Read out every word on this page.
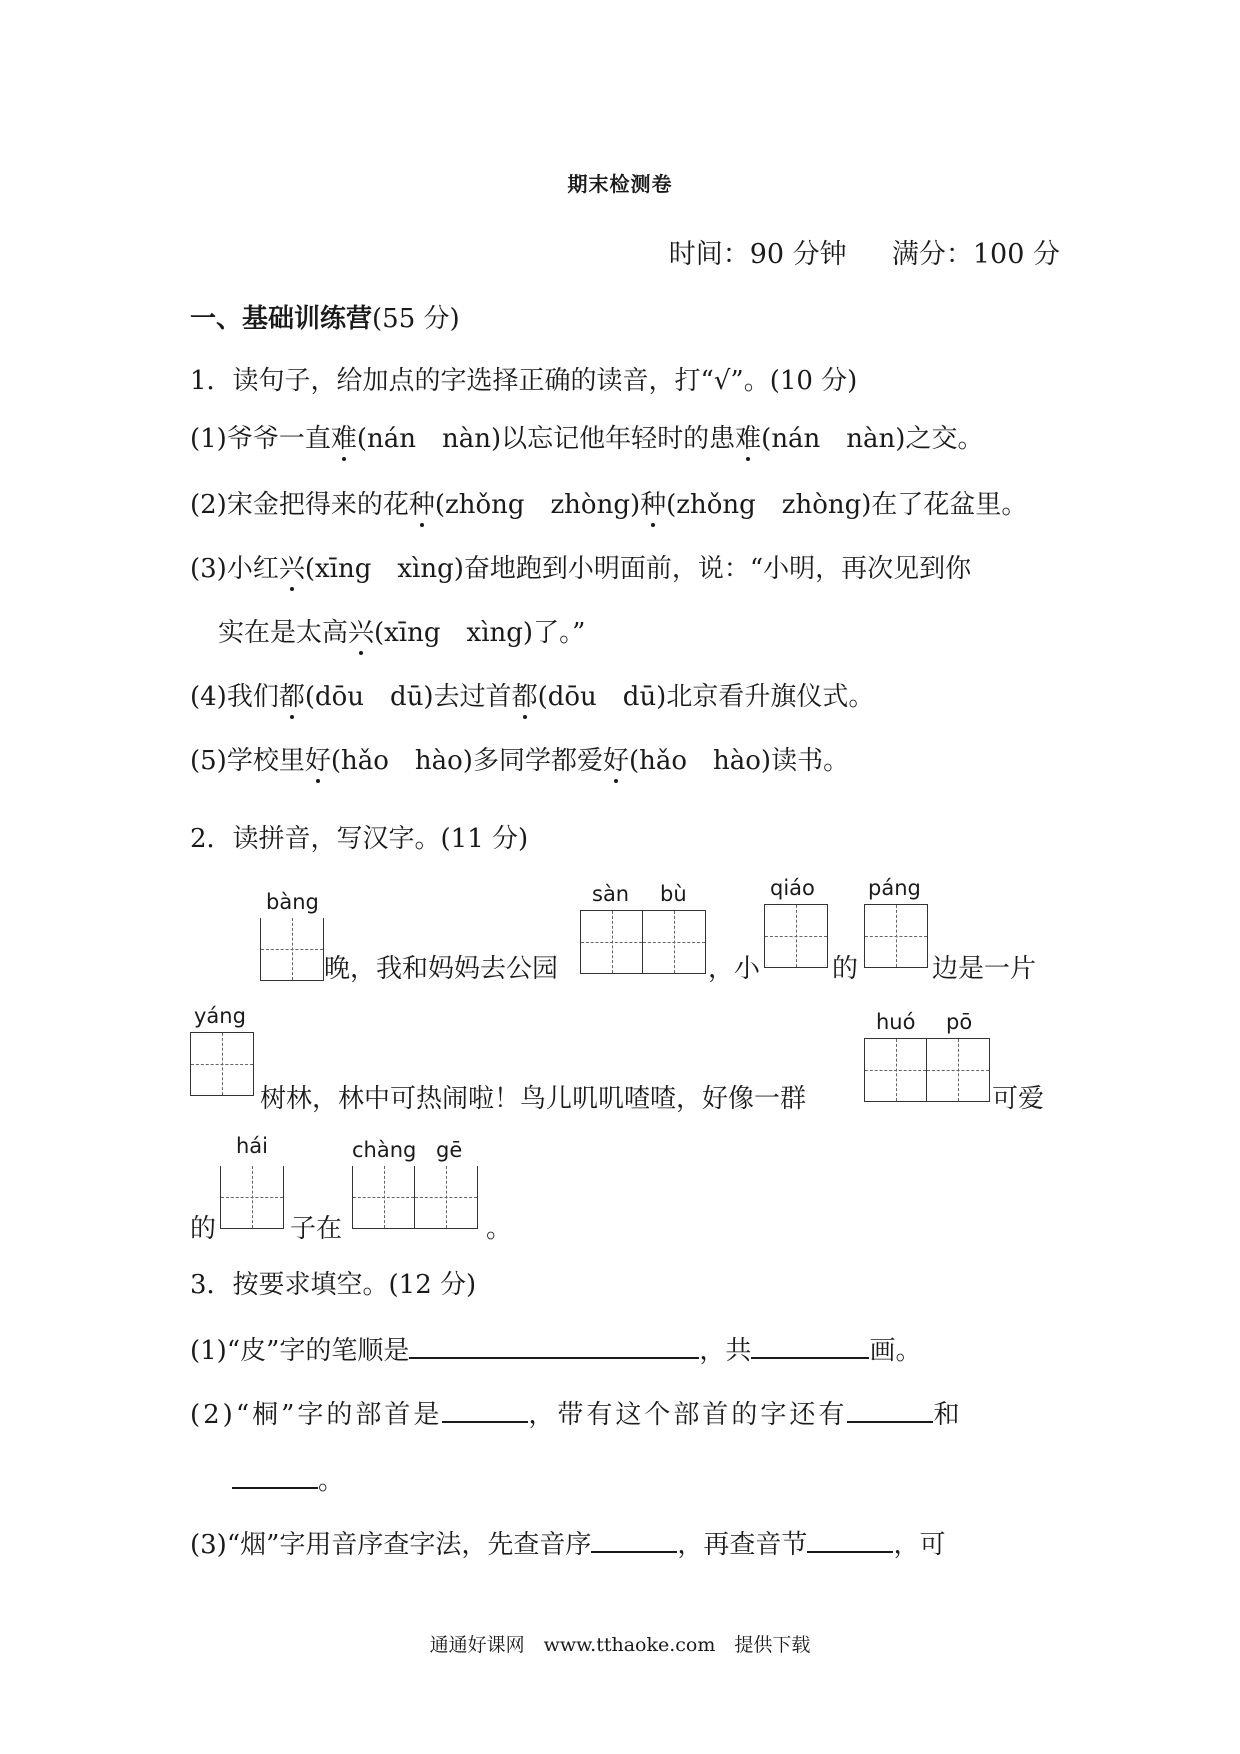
期末检测卷
时间：90 分钟 满分：100 分
一、基础训练营(55 分)
1．读句子，给加点的字选择正确的读音，打“√”。(10 分)
(1)爷爷一直难(nán　nàn)以忘记他年轻时的患难(nán　nàn)之交。
(2)宋金把得来的花种(zhǒng　zhòng)种(zhǒng　zhòng)在了花盆里。
(3)小红兴(xīng　xìng)奋地跑到小明面前，说：“小明，再次见到你
实在是太高兴(xīng　xìng)了。”
(4)我们都(dōu　dū)去过首都(dōu　dū)北京看升旗仪式。
(5)学校里好(hǎo　hào)多同学都爱好(hǎo　hào)读书。
2．读拼音，写汉字。(11 分)
bàng
晚，我和妈妈去公园
sàn bù
，小
qiáo
的
páng
边是一片
yáng
树林，林中可热闹啦！鸟儿叽叽喳喳，好像一群
huó pō
可爱
的
hái
子在
chàng gē
。
3．按要求填空。(12 分)
(1)“皮”字的笔顺是	，共	画。
(2)“桐”字的部首是	，带有这个部首的字还有	和
。
(3)“烟”字用音序查字法，先查音序	，再查音节	，可
通通好课网　www.tthaoke.com　提供下载
